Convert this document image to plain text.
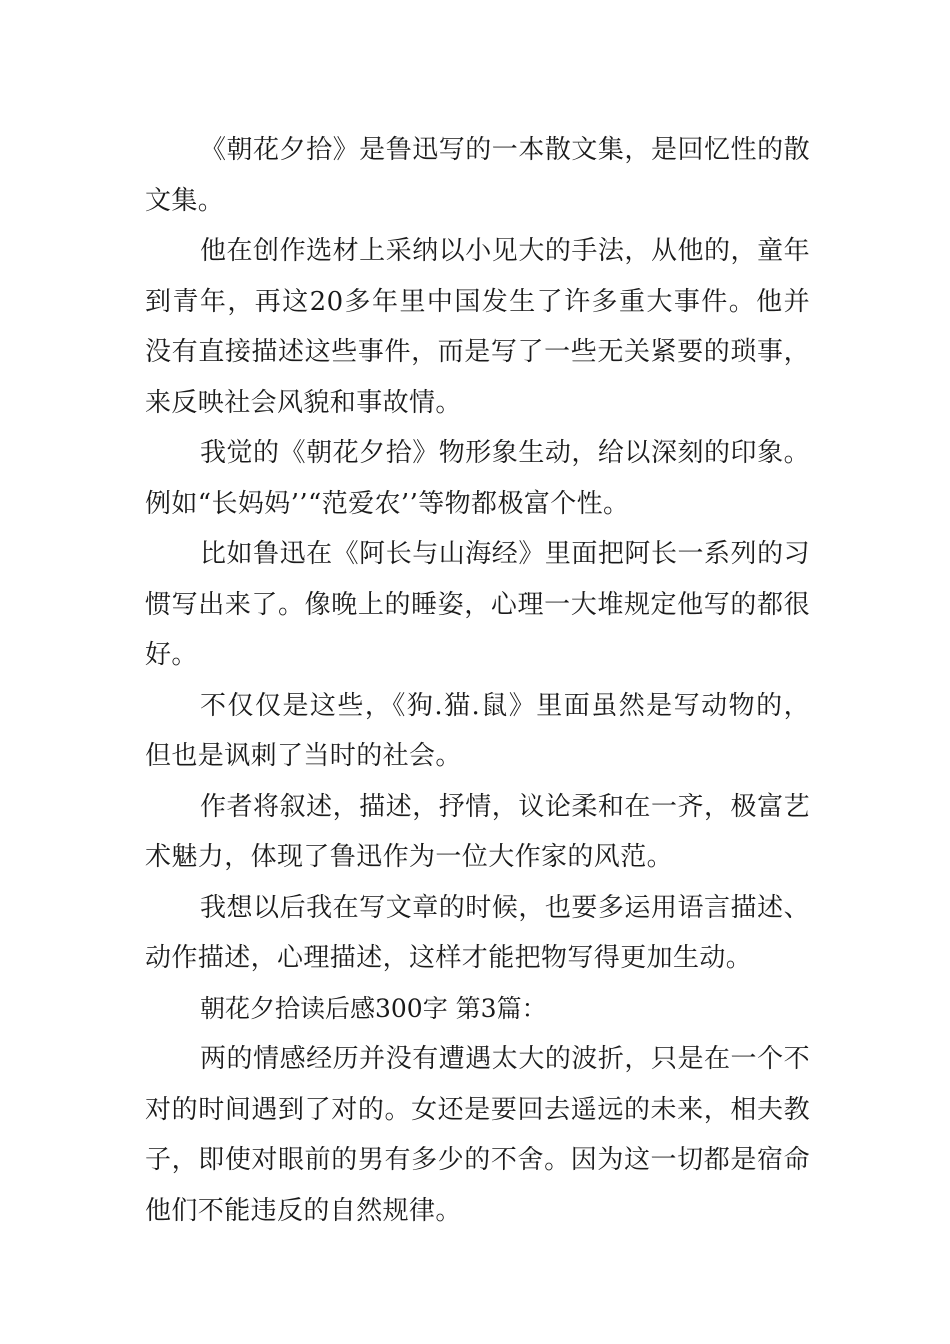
《朝花夕拾》是鲁迅写的一本散文集，是回忆性的散文集。

他在创作选材上采纳以小见大的手法，从他的，童年到青年，再这20多年里中国发生了许多重大事件。他并没有直接描述这些事件，而是写了一些无关紧要的琐事，来反映社会风貌和事故情。

我觉的《朝花夕拾》物形象生动，给以深刻的印象。例如“长妈妈’’“范爱农’’等物都极富个性。

比如鲁迅在《阿长与山海经》里面把阿长一系列的习惯写出来了。像晚上的睡姿，心理一大堆规定他写的都很好。

不仅仅是这些，《狗.猫.鼠》里面虽然是写动物的，但也是讽刺了当时的社会。

作者将叙述，描述，抒情，议论柔和在一齐，极富艺术魅力，体现了鲁迅作为一位大作家的风范。

我想以后我在写文章的时候，也要多运用语言描述、动作描述，心理描述，这样才能把物写得更加生动。

朝花夕拾读后感300字 第3篇：

两的情感经历并没有遭遇太大的波折，只是在一个不对的时间遇到了对的。女还是要回去遥远的未来，相夫教子，即使对眼前的男有多少的不舍。因为这一切都是宿命他们不能违反的自然规律。
